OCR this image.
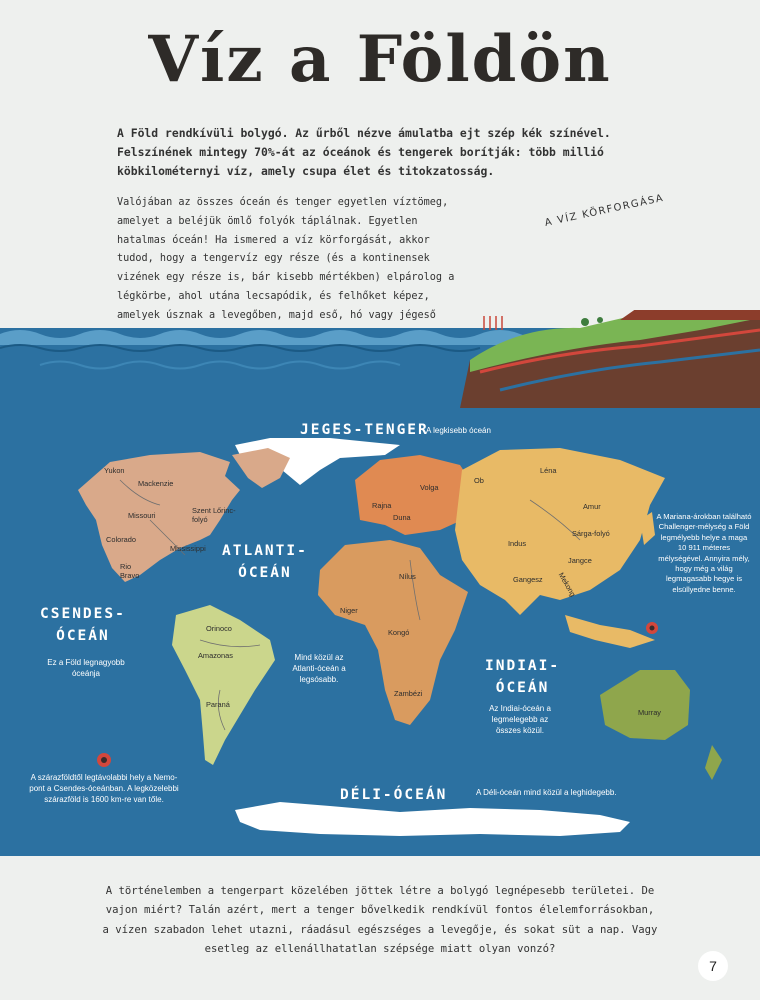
Víz a Földön

A Föld rendkívüli bolygó. Az űrből nézve ámulatba ejt szép kék színével. Felszínének mintegy 70%-át az óceánok és tengerek borítják: több millió köbkilométernyi víz, amely csupa élet és titokzatosság.

Valójában az összes óceán és tenger egyetlen víztömeg, amelyet a beléjük ömlő folyók táplálnak. Egyetlen hatalmas óceán! Ha ismered a víz körforgását, akkor tudod, hogy a tengervíz egy része (és a kontinensek vizének egy része is, bár kisebb mértékben) elpárolog a légkörbe, ahol utána lecsapódik, és felhőket képez, amelyek úsznak a levegőben, majd eső, hó vagy jégeső

A VÍZ KÖRFORGÁSA
JEGES-TENGER
A legkisebb óceán
ATLANTI-
ÓCEÁN
Mind közül az Atlanti-óceán a legsósabb.
CSENDES-
ÓCEÁN
Ez a Föld legnagyobb óceánja	INDIAI-
ÓCEÁN
Az Indiai-óceán a legmelegebb az összes közül.
DÉLI-ÓCEÁN	A Déli-óceán mind közül a leghidegebb.
A szárazföldtől legtávolabbi hely a Nemo-pont a Csendes-óceánban. A legközelebbi szárazföld is 1600 km-re van tőle.
A Mariana-árokban található Challenger-mélység a Föld legmélyebb helye a maga 10 911 méteres mélységével. Annyira mély, hogy még a világ legmagasabb hegye is elsüllyedne benne.
Yukon
Mackenzie
Missouri
Szent Lőrinc-folyó
Colorado
Mississippi
Rio Bravo
Orinoco
Amazonas
Paraná
Rajna
Volga
Duna
Nílus
Niger
Kongó
Zambézi
Ob
Léna
Amur
Indus
Sárga-folyó
Jangce
Gangesz Mekong
Murray
A történelemben a tengerpart közelében jöttek létre a bolygó legnépesebb területei. De vajon miért? Talán azért, mert a tenger bővelkedik rendkívül fontos élelemforrásokban, a vízen szabadon lehet utazni, ráadásul egészséges a levegője, és sokat süt a nap. Vagy esetleg az ellenállhatatlan szépsége miatt olyan vonzó?
7
